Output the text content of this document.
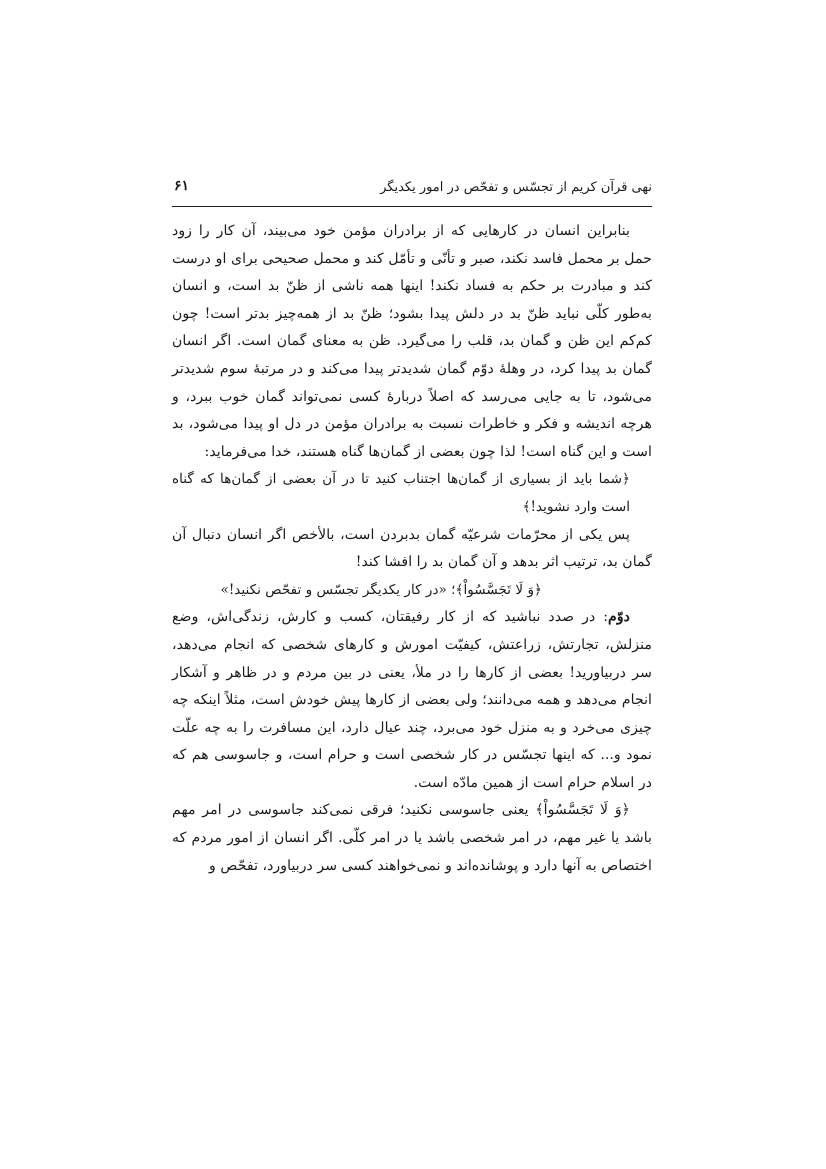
نهی قرآن کریم از تجسّس و تفحّص در امور یکدیگر
۶۱

بنابراین انسان در کارهایی که از برادران مؤمن خود می‌بیند، آن کار را زود حمل بر محمل فاسد نکند، صبر و تأنّی و تأمّل کند و محمل صحیحی برای او درست کند و مبادرت بر حکم به فساد نکند! اینها همه ناشی از ظنّ بد است، و انسان به‌طور کلّی نباید ظنّ بد در دلش پیدا بشود؛ ظنّ بد از همه‌چیز بدتر است! چون کم‌کم این ظن و گمان بد، قلب را می‌گیرد. ظن به معنای گمان است. اگر انسان گمان بد پیدا کرد، در وهلهٔ دوّم گمان شدیدتر پیدا می‌کند و در مرتبهٔ سوم شدیدتر می‌شود، تا به جایی می‌رسد که اصلاً دربارهٔ کسی نمی‌تواند گمان خوب ببرد، و هرچه اندیشه و فکر و خاطرات نسبت به برادران مؤمن در دل او پیدا می‌شود، بد است و این گناه است! لذا چون بعضی از گمان‌ها گناه هستند، خدا می‌فرماید:

﴿شما باید از بسیاری از گمان‌ها اجتناب کنید تا در آن بعضی از گمان‌ها که گناه است وارد نشوید!﴾

پس یکی از محرّمات شرعیّه گمان بدبردن است، بالأخص اگر انسان دنبال آن گمان بد، ترتیب اثر بدهد و آن گمان بد را افشا کند!

﴿وَ لَا تَجَسَّسُواْ﴾؛ «در کار یکدیگر تجسّس و تفحّص نکنید!»

دوّم: در صدد نباشید که از کار رفیقتان، کسب و کارش، زندگی‌اش، وضع منزلش، تجارتش، زراعتش، کیفیّت امورش و کارهای شخصی که انجام می‌دهد، سر دربیاورید! بعضی از کارها را در ملأ، یعنی در بین مردم و در ظاهر و آشکار انجام می‌دهد و همه می‌دانند؛ ولی بعضی از کارها پیش خودش است، مثلاً اینکه چه چیزی می‌خرد و به منزل خود می‌برد، چند عیال دارد، این مسافرت را به چه علّت نمود و... که اینها تجسّس در کار شخصی است و حرام است، و جاسوسی هم که در اسلام حرام است از همین مادّه است.

﴿وَ لَا تَجَسَّسُواْ﴾ یعنی جاسوسی نکنید؛ فرقی نمی‌کند جاسوسی در امر مهم باشد یا غیر مهم، در امر شخصی باشد یا در امر کلّی. اگر انسان از امور مردم که اختصاص به آنها دارد و پوشانده‌اند و نمی‌خواهند کسی سر دربیاورد، تفحّص و
